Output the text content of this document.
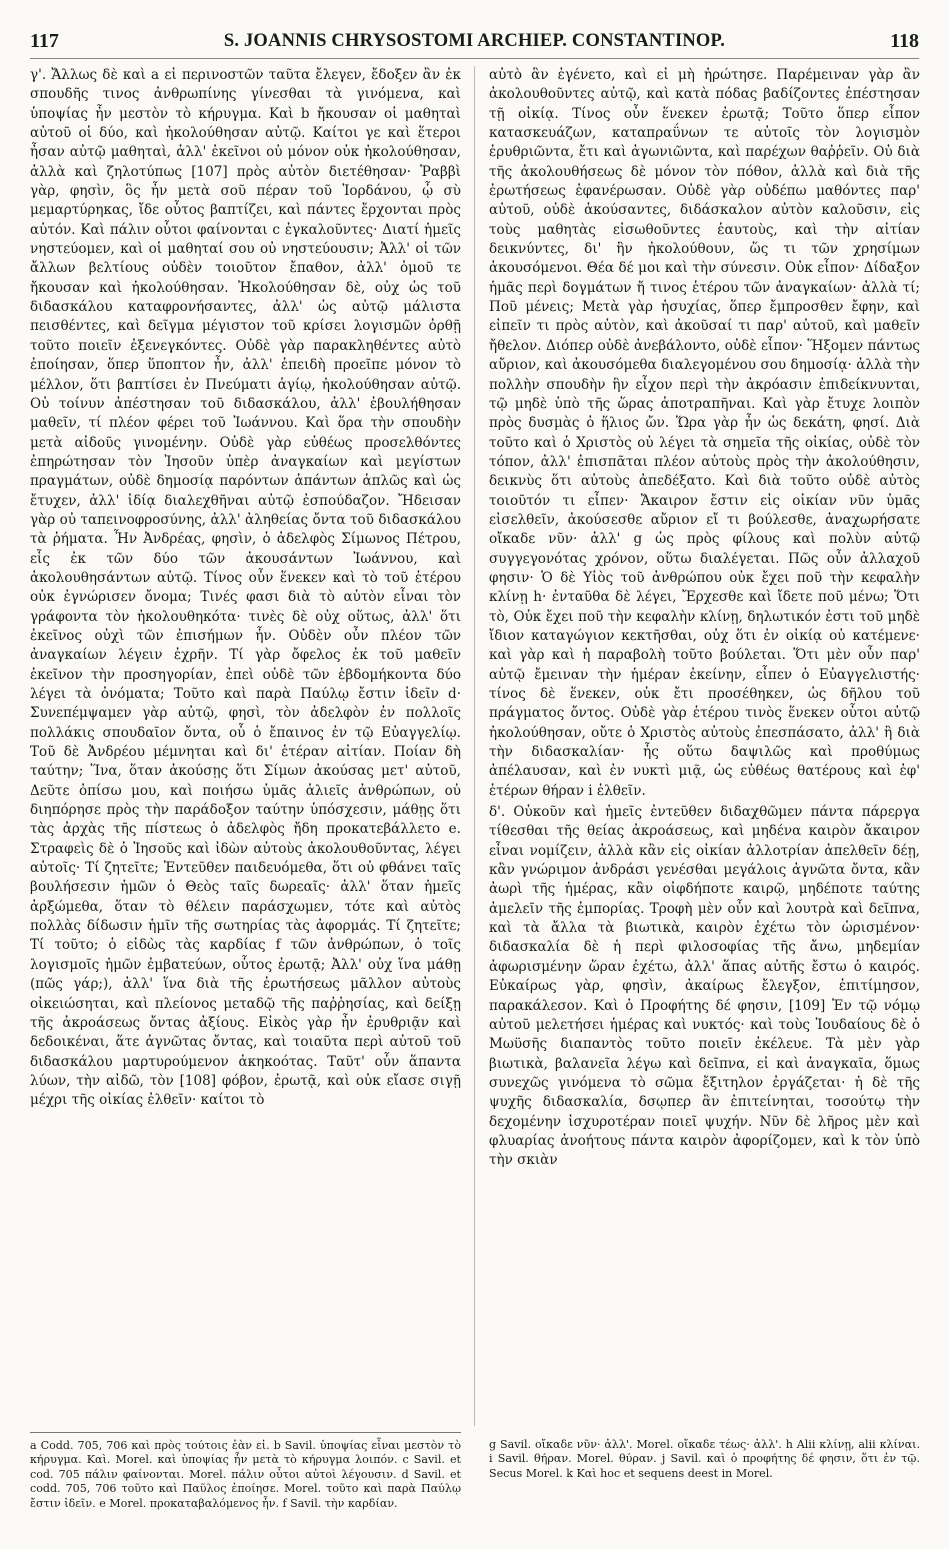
117	S. JOANNIS CHRYSOSTOMI ARCHIEP. CONSTANTINOP.	118

γ'. Ἄλλως δὲ καὶ a εἰ περινοστῶν ταῦτα ἔλεγεν, ἔδοξεν ἂν ἐκ σπουδῆς τινος ἀνθρωπίνης γίνεσθαι τὰ γινόμενα, καὶ ὑποψίας ἦν μεστὸν τὸ κήρυγμα. Καὶ b ἤκουσαν οἱ μαθηταὶ αὐτοῦ οἱ δύο, καὶ ἠκολούθησαν αὐτῷ. Καίτοι γε καὶ ἕτεροι ἦσαν αὐτῷ μαθηταὶ, ἀλλ' ἐκεῖνοι οὐ μόνον οὐκ ἠκολούθησαν, ἀλλὰ καὶ ζηλοτύπως [107] πρὸς αὐτὸν διετέθησαν· Ῥαββὶ γὰρ, φησὶν, ὃς ἦν μετὰ σοῦ πέραν τοῦ Ἰορδάνου, ᾧ σὺ μεμαρτύρηκας, ἴδε οὗτος βαπτίζει, καὶ πάντες ἔρχονται πρὸς αὐτόν. Καὶ πάλιν οὗτοι φαίνονται c ἐγκαλοῦντες· Διατί ἡμεῖς νηστεύομεν, καὶ οἱ μαθηταί σου οὐ νηστεύουσιν; Ἀλλ' οἱ τῶν ἄλλων βελτίους οὐδὲν τοιοῦτον ἔπαθον, ἀλλ' ὁμοῦ τε ἤκουσαν καὶ ἠκολούθησαν. Ἠκολούθησαν δὲ, οὐχ ὡς τοῦ διδασκάλου καταφρονήσαντες, ἀλλ' ὡς αὐτῷ μάλιστα πεισθέντες, καὶ δεῖγμα μέγιστον τοῦ κρίσει λογισμῶν ὀρθῇ τοῦτο ποιεῖν ἐξενεγκόντες. Οὐδὲ γὰρ παρακληθέντες αὐτὸ ἐποίησαν, ὅπερ ὕποπτον ἦν, ἀλλ' ἐπειδὴ προεῖπε μόνον τὸ μέλλον, ὅτι βαπτίσει ἐν Πνεύματι ἁγίῳ, ἠκολούθησαν αὐτῷ. Οὐ τοίνυν ἀπέστησαν τοῦ διδασκάλου, ἀλλ' ἐβουλήθησαν μαθεῖν, τί πλέον φέρει τοῦ Ἰωάννου. Καὶ ὅρα τὴν σπουδὴν μετὰ αἰδοῦς γινομένην. Οὐδὲ γὰρ εὐθέως προσελθόντες ἐπηρώτησαν τὸν Ἰησοῦν ὑπὲρ ἀναγκαίων καὶ μεγίστων πραγμάτων, οὐδὲ δημοσίᾳ παρόντων ἁπάντων ἁπλῶς καὶ ὡς ἔτυχεν, ἀλλ' ἰδίᾳ διαλεχθῆναι αὐτῷ ἐσπούδαζον. Ἤδεισαν γὰρ οὐ ταπεινοφροσύνης, ἀλλ' ἀληθείας ὄντα τοῦ διδασκάλου τὰ ῥήματα. Ἦν Ἀνδρέας, φησὶν, ὁ ἀδελφὸς Σίμωνος Πέτρου, εἷς ἐκ τῶν δύο τῶν ἀκουσάντων Ἰωάννου, καὶ ἀκολουθησάντων αὐτῷ. Τίνος οὖν ἕνεκεν καὶ τὸ τοῦ ἑτέρου οὐκ ἐγνώρισεν ὄνομα; Τινές φασι διὰ τὸ αὐτὸν εἶναι τὸν γράφοντα τὸν ἠκολουθηκότα· τινὲς δὲ οὐχ οὕτως, ἀλλ' ὅτι ἐκεῖνος οὐχὶ τῶν ἐπισήμων ἦν. Οὐδὲν οὖν πλέον τῶν ἀναγκαίων λέγειν ἐχρῆν. Τί γὰρ ὄφελος ἐκ τοῦ μαθεῖν ἐκεῖνον τὴν προσηγορίαν, ἐπεὶ οὐδὲ τῶν ἑβδομήκοντα δύο λέγει τὰ ὀνόματα; Τοῦτο καὶ παρὰ Παύλῳ ἔστιν ἰδεῖν d· Συνεπέμψαμεν γὰρ αὐτῷ, φησὶ, τὸν ἀδελφὸν ἐν πολλοῖς πολλάκις σπουδαῖον ὄντα, οὗ ὁ ἔπαινος ἐν τῷ Εὐαγγελίῳ. Τοῦ δὲ Ἀνδρέου μέμνηται καὶ δι' ἑτέραν αἰτίαν. Ποίαν δὴ ταύτην; Ἵνα, ὅταν ἀκούσῃς ὅτι Σίμων ἀκούσας μετ' αὐτοῦ, Δεῦτε ὀπίσω μου, καὶ ποιήσω ὑμᾶς ἁλιεῖς ἀνθρώπων, οὐ διηπόρησε πρὸς τὴν παράδοξον ταύτην ὑπόσχεσιν, μάθῃς ὅτι τὰς ἀρχὰς τῆς πίστεως ὁ ἀδελφὸς ἤδη προκατεβάλλετο e. Στραφεὶς δὲ ὁ Ἰησοῦς καὶ ἰδὼν αὐτοὺς ἀκολουθοῦντας, λέγει αὐτοῖς· Τί ζητεῖτε; Ἐντεῦθεν παιδευόμεθα, ὅτι οὐ φθάνει ταῖς βουλήσεσιν ἡμῶν ὁ Θεὸς ταῖς δωρεαῖς· ἀλλ' ὅταν ἡμεῖς ἀρξώμεθα, ὅταν τὸ θέλειν παράσχωμεν, τότε καὶ αὐτὸς πολλὰς δίδωσιν ἡμῖν τῆς σωτηρίας τὰς ἀφορμάς. Τί ζητεῖτε; Τί τοῦτο; ὁ εἰδὼς τὰς καρδίας f τῶν ἀνθρώπων, ὁ τοῖς λογισμοῖς ἡμῶν ἐμβατεύων, οὗτος ἐρωτᾷ; Ἀλλ' οὐχ ἵνα μάθῃ (πῶς γάρ;), ἀλλ' ἵνα διὰ τῆς ἐρωτήσεως μᾶλλον αὐτοὺς οἰκειώσηται, καὶ πλείονος μεταδῷ τῆς παῤῥησίας, καὶ δείξῃ τῆς ἀκροάσεως ὄντας ἀξίους. Εἰκὸς γὰρ ἦν ἐρυθριᾷν καὶ δεδοικέναι, ἅτε ἀγνῶτας ὄντας, καὶ τοιαῦτα περὶ αὐτοῦ τοῦ διδασκάλου μαρτυρούμενον ἀκηκοότας. Ταῦτ' οὖν ἅπαντα λύων, τὴν αἰδῶ, τὸν [108] φόβον, ἐρωτᾷ, καὶ οὐκ εἴασε σιγῇ μέχρι τῆς οἰκίας ἐλθεῖν· καίτοι τὸ

αὐτὸ ἂν ἐγένετο, καὶ εἰ μὴ ἠρώτησε. Παρέμειναν γὰρ ἂν ἀκολουθοῦντες αὐτῷ, καὶ κατὰ πόδας βαδίζοντες ἐπέστησαν τῇ οἰκίᾳ. Τίνος οὖν ἕνεκεν ἐρωτᾷ; Τοῦτο ὅπερ εἶπον κατασκευάζων, καταπραΰνων τε αὐτοῖς τὸν λογισμὸν ἐρυθριῶντα, ἔτι καὶ ἀγωνιῶντα, καὶ παρέχων θαῤῥεῖν. Οὐ διὰ τῆς ἀκολουθήσεως δὲ μόνον τὸν πόθον, ἀλλὰ καὶ διὰ τῆς ἐρωτήσεως ἐφανέρωσαν. Οὐδὲ γὰρ οὐδέπω μαθόντες παρ' αὐτοῦ, οὐδὲ ἀκούσαντες, διδάσκαλον αὐτὸν καλοῦσιν, εἰς τοὺς μαθητὰς εἰσωθοῦντες ἑαυτοὺς, καὶ τὴν αἰτίαν δεικνύντες, δι' ἣν ἠκολούθουν, ὥς τι τῶν χρησίμων ἀκουσόμενοι. Θέα δέ μοι καὶ τὴν σύνεσιν. Οὐκ εἶπον· Δίδαξον ἡμᾶς περὶ δογμάτων ἤ τινος ἑτέρου τῶν ἀναγκαίων· ἀλλὰ τί; Ποῦ μένεις; Μετὰ γὰρ ἡσυχίας, ὅπερ ἔμπροσθεν ἔφην, καὶ εἰπεῖν τι πρὸς αὐτὸν, καὶ ἀκοῦσαί τι παρ' αὐτοῦ, καὶ μαθεῖν ἤθελον. Διόπερ οὐδὲ ἀνεβάλοντο, οὐδὲ εἶπον· Ἥξομεν πάντως αὔριον, καὶ ἀκουσόμεθα διαλεγομένου σου δημοσίᾳ· ἀλλὰ τὴν πολλὴν σπουδὴν ἣν εἶχον περὶ τὴν ἀκρόασιν ἐπιδείκνυνται, τῷ μηδὲ ὑπὸ τῆς ὥρας ἀποτραπῆναι. Καὶ γὰρ ἔτυχε λοιπὸν πρὸς δυσμὰς ὁ ἥλιος ὤν. Ὥρα γὰρ ἦν ὡς δεκάτη, φησί. Διὰ τοῦτο καὶ ὁ Χριστὸς οὐ λέγει τὰ σημεῖα τῆς οἰκίας, οὐδὲ τὸν τόπον, ἀλλ' ἐπισπᾶται πλέον αὐτοὺς πρὸς τὴν ἀκολούθησιν, δεικνὺς ὅτι αὐτοὺς ἀπεδέξατο. Καὶ διὰ τοῦτο οὐδὲ αὐτὸς τοιοῦτόν τι εἶπεν· Ἄκαιρον ἔστιν εἰς οἰκίαν νῦν ὑμᾶς εἰσελθεῖν, ἀκούσεσθε αὔριον εἴ τι βούλεσθε, ἀναχωρήσατε οἴκαδε νῦν· ἀλλ' g ὡς πρὸς φίλους καὶ πολὺν αὐτῷ συγγεγονότας χρόνον, οὕτω διαλέγεται. Πῶς οὖν ἀλλαχοῦ φησιν· Ὁ δὲ Υἱὸς τοῦ ἀνθρώπου οὐκ ἔχει ποῦ τὴν κεφαλὴν κλίνῃ h· ἐνταῦθα δὲ λέγει, Ἔρχεσθε καὶ ἴδετε ποῦ μένω; Ὅτι τὸ, Οὐκ ἔχει ποῦ τὴν κεφαλὴν κλίνῃ, δηλωτικόν ἐστι τοῦ μηδὲ ἴδιον καταγώγιον κεκτῆσθαι, οὐχ ὅτι ἐν οἰκίᾳ οὐ κατέμενε· καὶ γὰρ καὶ ἡ παραβολὴ τοῦτο βούλεται. Ὅτι μὲν οὖν παρ' αὐτῷ ἔμειναν τὴν ἡμέραν ἐκείνην, εἶπεν ὁ Εὐαγγελιστής· τίνος δὲ ἕνεκεν, οὐκ ἔτι προσέθηκεν, ὡς δῆλου τοῦ πράγματος ὄντος. Οὐδὲ γὰρ ἑτέρου τινὸς ἕνεκεν οὗτοι αὐτῷ ἠκολούθησαν, οὔτε ὁ Χριστὸς αὐτοὺς ἐπεσπάσατο, ἀλλ' ἢ διὰ τὴν διδασκαλίαν· ἧς οὕτω δαψιλῶς καὶ προθύμως ἀπέλαυσαν, καὶ ἐν νυκτὶ μιᾷ, ὡς εὐθέως θατέρους καὶ ἐφ' ἑτέρων θήραν i ἐλθεῖν.

δ'. Οὐκοῦν καὶ ἡμεῖς ἐντεῦθεν διδαχθῶμεν πάντα πάρεργα τίθεσθαι τῆς θείας ἀκροάσεως, καὶ μηδένα καιρὸν ἄκαιρον εἶναι νομίζειν, ἀλλὰ κἂν εἰς οἰκίαν ἀλλοτρίαν ἀπελθεῖν δέῃ, κἂν γνώριμον ἀνδράσι γενέσθαι μεγάλοις ἀγνῶτα ὄντα, κἂν ἀωρὶ τῆς ἡμέρας, κἂν οἰφδήποτε καιρῷ, μηδέποτε ταύτης ἀμελεῖν τῆς ἐμπορίας. Τροφὴ μὲν οὖν καὶ λουτρὰ καὶ δεῖπνα, καὶ τὰ ἄλλα τὰ βιωτικὰ, καιρὸν ἐχέτω τὸν ὡρισμένον· διδασκαλία δὲ ἡ περὶ φιλοσοφίας τῆς ἄνω, μηδεμίαν ἀφωρισμένην ὥραν ἐχέτω, ἀλλ' ἅπας αὐτῆς ἔστω ὁ καιρός. Εὐκαίρως γὰρ, φησὶν, ἀκαίρως ἔλεγξον, ἐπιτίμησον, παρακάλεσον. Καὶ ὁ Προφήτης δέ φησιν, [109] Ἐν τῷ νόμῳ αὐτοῦ μελετήσει ἡμέρας καὶ νυκτός· καὶ τοὺς Ἰουδαίους δὲ ὁ Μωϋσῆς διαπαντὸς τοῦτο ποιεῖν ἐκέλευε. Τὰ μὲν γὰρ βιωτικὰ, βαλανεῖα λέγω καὶ δεῖπνα, εἰ καὶ ἀναγκαῖα, ὅμως συνεχῶς γινόμενα τὸ σῶμα ἔξιτηλον ἐργάζεται· ἡ δὲ τῆς ψυχῆς διδασκαλία, δσῳπερ ἂν ἐπιτείνηται, τοσούτῳ τὴν δεχομένην ἰσχυροτέραν ποιεῖ ψυχήν. Νῦν δὲ λῆρος μὲν καὶ φλυαρίας ἀνοήτους πάντα καιρὸν ἀφορίζομεν, καὶ k τὸν ὑπὸ τὴν σκιὰν

a Codd. 705, 706 καὶ πρὸς τούτοις ἐὰν εἰ. b Savil. ὑποψίας εἶναι μεστὸν τὸ κήρυγμα. Καὶ. Morel. καὶ ὑποψίας ἦν μετὰ τὸ κήρυγμα λοιπόν. c Savil. et cod. 705 πάλιν φαίνονται. Morel. πάλιν οὗτοι αὐτοὶ λέγουσιν. d Savil. et codd. 705, 706 τοῦτο καὶ Παῦλος ἐποίησε. Morel. τοῦτο καὶ παρὰ Παύλῳ ἔστιν ἰδεῖν. e Morel. προκαταβαλόμενος ἦν. f Savil. τὴν καρδίαν.

g Savil. οἴκαδε νῦν· ἀλλ'. Morel. οἴκαδε τέως· ἀλλ'. h Alii κλίνῃ, alii κλίναι. i Savil. θήραν. Morel. θύραν. j Savil. καὶ ὁ προφήτης δέ φησιν, ὅτι ἐν τῷ. Secus Morel. k Καὶ hoc et sequens deest in Morel.
